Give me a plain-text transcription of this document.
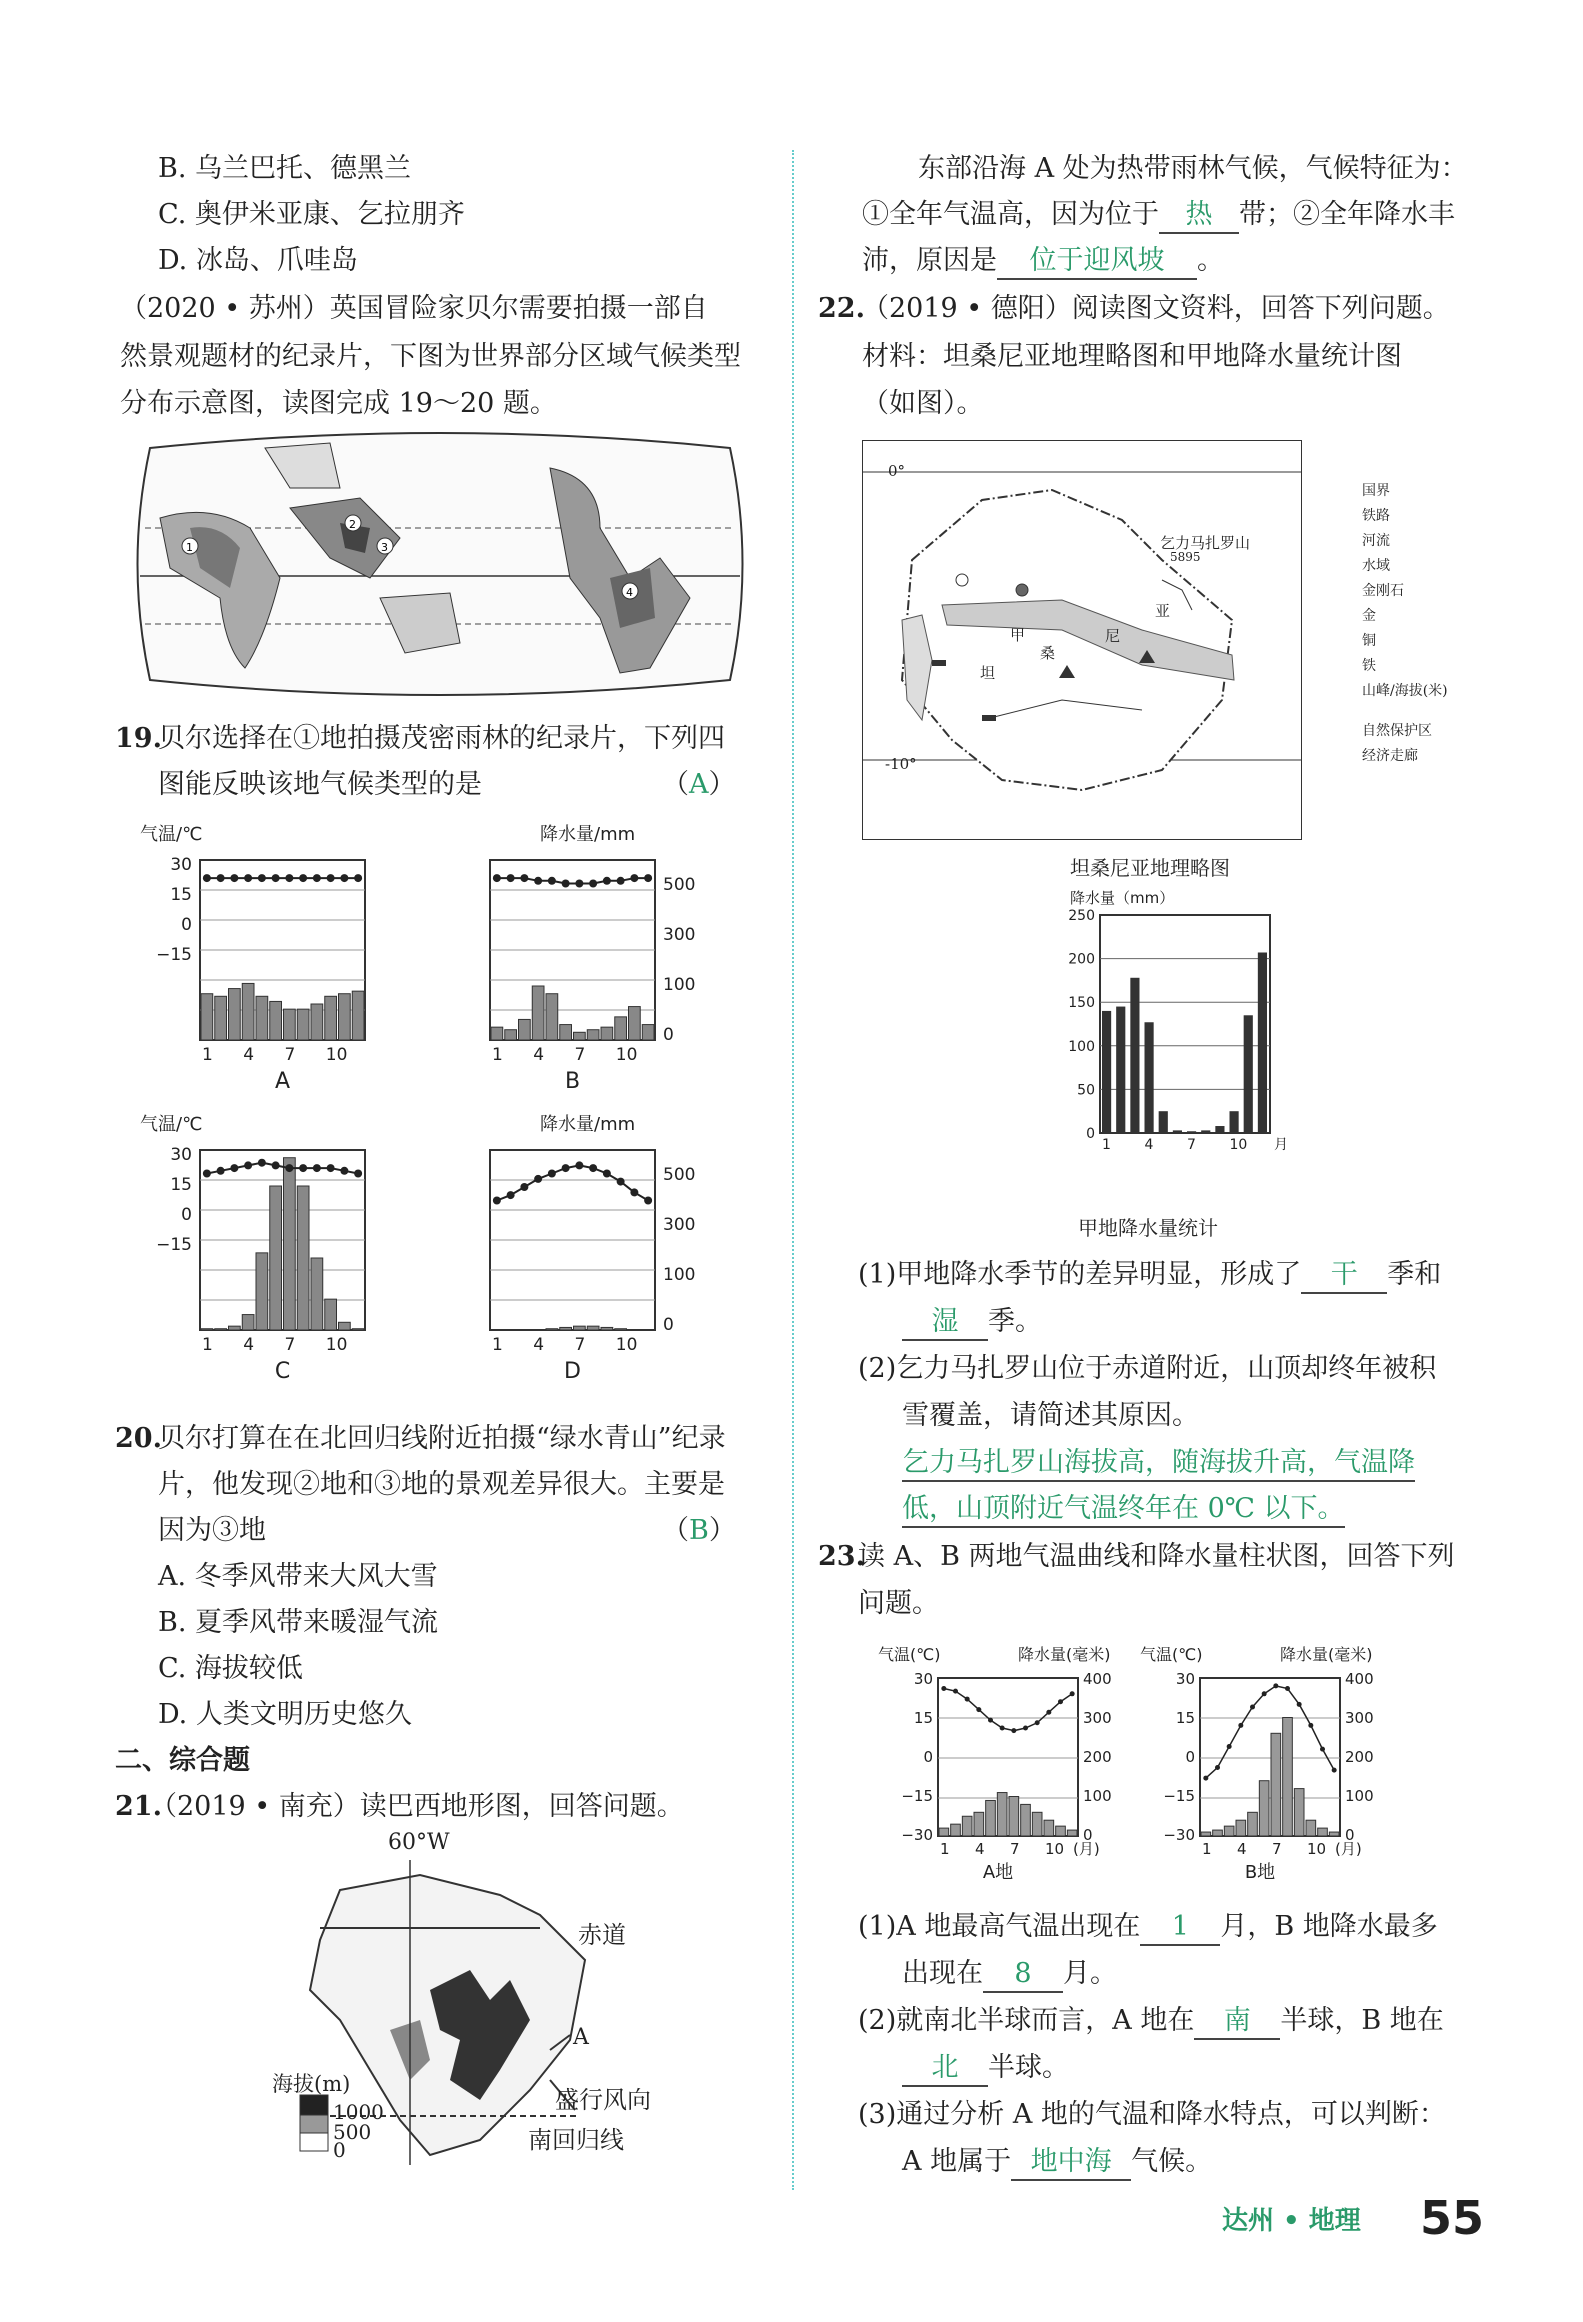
B. 乌兰巴托、德黑兰
C. 奥伊米亚康、乞拉朋齐
D. 冰岛、爪哇岛
（2020 • 苏州）英国冒险家贝尔需要拍摄一部自
然景观题材的纪录片，下图为世界部分区域气候类型
分布示意图，读图完成 19～20 题。
1
2
3
4
19.
贝尔选择在①地拍摄茂密雨林的纪录片，下列四
图能反映该地气候类型的是	（A）
1 4 7 10
A
气温/℃
30
15
0
−15
1 4 7 10
B
降水量/mm
500
300
100
0
1 4 7 10
C
气温/℃
30
15
0
−15
1 4 7 10
D
降水量/mm
500
300
100
0
20.
贝尔打算在在北回归线附近拍摄“绿水青山”纪录
片，他发现②地和③地的景观差异很大。主要是
因为③地	（B）
A. 冬季风带来大风大雪
B. 夏季风带来暖湿气流
C. 海拔较低
D. 人类文明历史悠久
二、综合题
21.
（2019 • 南充）读巴西地形图，回答问题。
60°W
赤道
海拔(m)
1000
500
0
A
盛行风向
南回归线
东部沿海 A 处为热带雨林气候，气候特征为：
①全年气温高，因为位于 热 带；②全年降水丰
沛，原因是 位于迎风坡 。
22.
（2019 • 德阳）阅读图文资料，回答下列问题。
材料：坦桑尼亚地理略图和甲地降水量统计图
（如图）。
0°
-10°
乞力马扎罗山
5895
亚
尼
甲
桑
坦
国界
铁路
河流
水域
金刚石
金
铜
铁
山峰/海拔(米)
自然保护区
经济走廊
坦桑尼亚地理略图
降水量（mm）
250
200
150
100
50
0
1 4 7 10 月
甲地降水量统计
(1)甲地降水季节的差异明显，形成了 干 季和
湿 季。
(2)乞力马扎罗山位于赤道附近，山顶却终年被积
雪覆盖，请简述其原因。
乞力马扎罗山海拔高，随海拔升高，气温降
低，山顶附近气温终年在 0℃ 以下。
23.
读 A、B 两地气温曲线和降水量柱状图，回答下列
问题。
气温(℃)	降水量(毫米)
30
15
0
−15
−30
400
300
200
100
0
1 4 7 10 (月)
A地
气温(℃)	降水量(毫米)
30
15
0
−15
−30
400
300
200
100
0
1 4 7 10 (月)
B地
(1)A 地最高气温出现在 1 月，B 地降水最多
出现在 8 月。
(2)就南北半球而言，A 地在 南 半球，B 地在
北 半球。
(3)通过分析 A 地的气温和降水特点，可以判断：
A 地属于 地中海 气候。
达州 • 地理 55
